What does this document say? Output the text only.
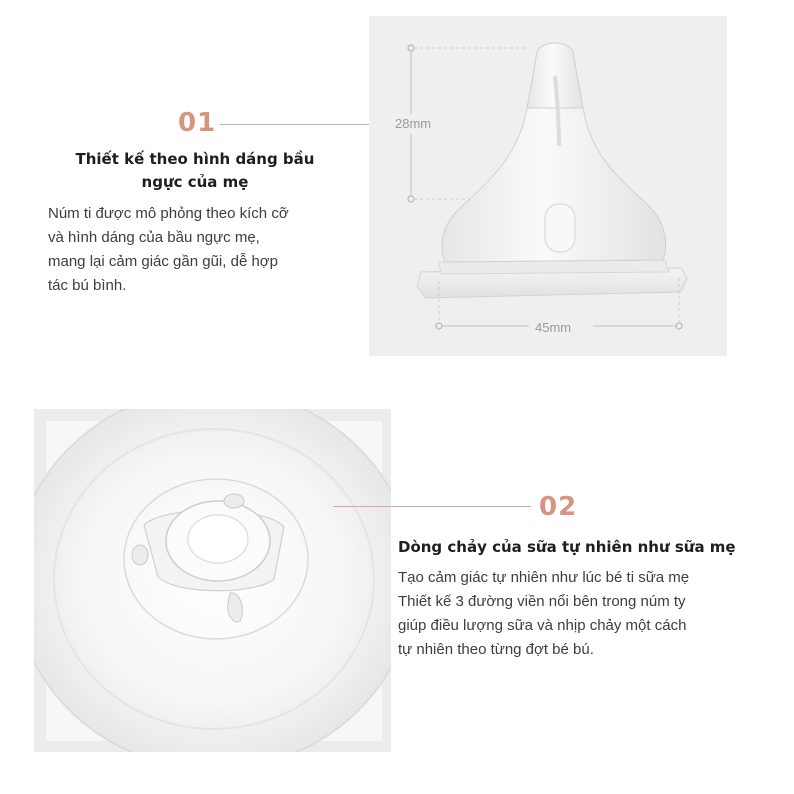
01
Thiết kế theo hình dáng bầu
ngực của mẹ
Núm ti được mô phỏng theo kích cỡ
và hình dáng của bầu ngực mẹ,
mang lại cảm giác gần gũi, dễ hợp
tác bú bình.
28mm
45mm
02
Dòng chảy của sữa tự nhiên như sữa mẹ
Tạo cảm giác tự nhiên như lúc bé ti sữa mẹ
Thiết kế 3 đường viền nổi bên trong núm ty
giúp điều lượng sữa và nhịp chảy một cách
tự nhiên theo từng đợt bé bú.
